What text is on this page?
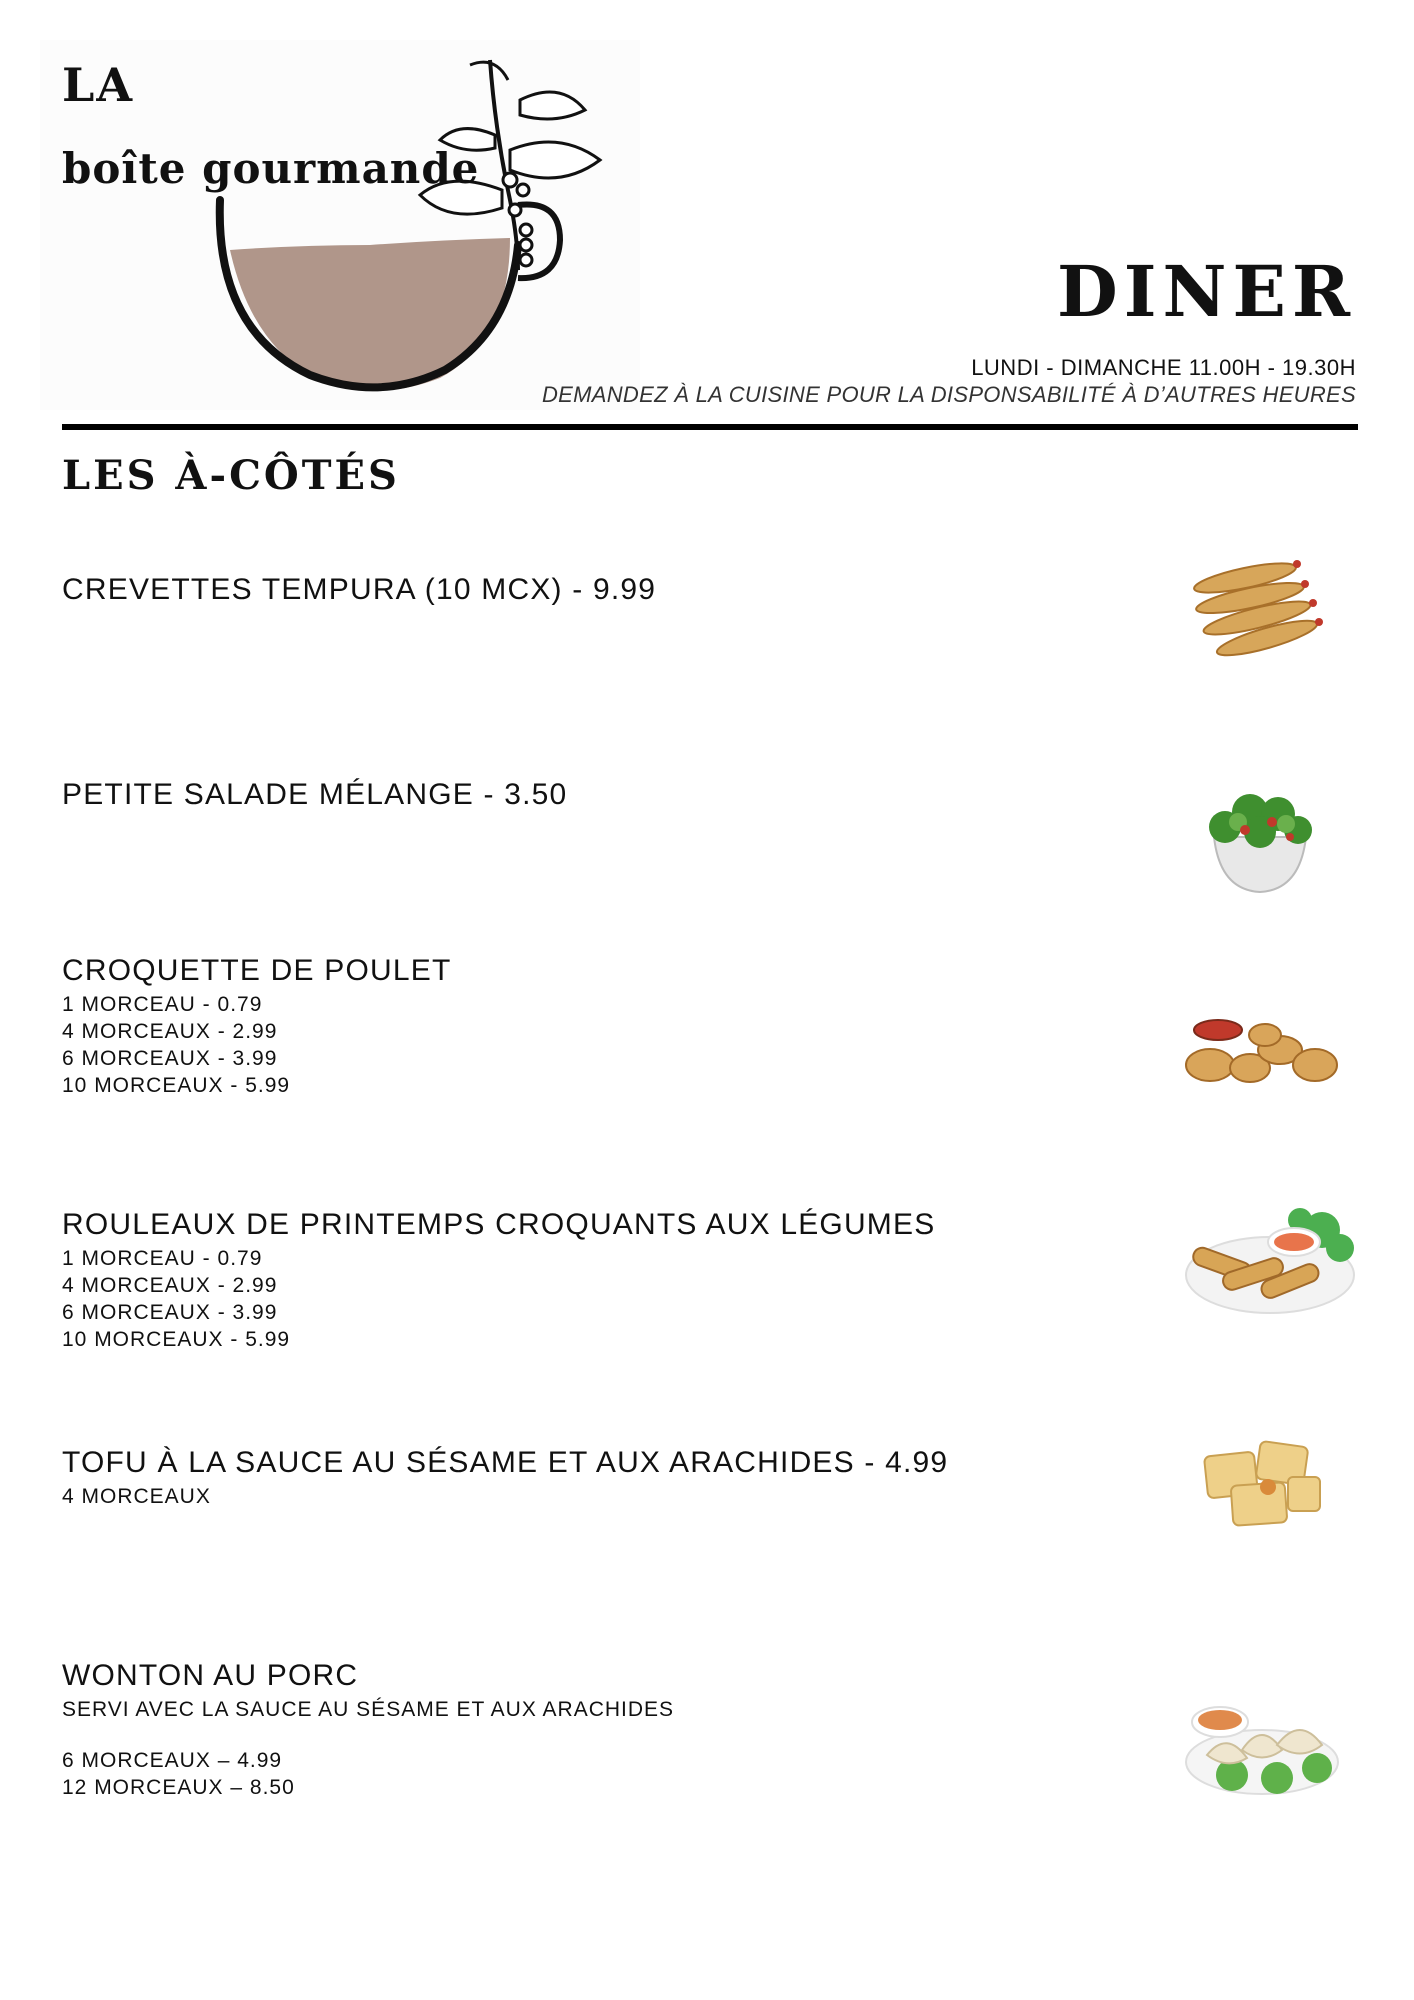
LA
boîte gourmande
DINER
LUNDI - DIMANCHE 11.00H - 19.30H
DEMANDEZ À LA CUISINE POUR LA DISPONSABILITÉ À D’AUTRES HEURES
LES À-CÔTÉS
CREVETTES TEMPURA (10 MCX) - 9.99
PETITE SALADE MÉLANGE - 3.50
CROQUETTE DE POULET
1 MORCEAU - 0.79
4 MORCEAUX - 2.99
6 MORCEAUX - 3.99
10 MORCEAUX - 5.99
ROULEAUX DE PRINTEMPS CROQUANTS AUX LÉGUMES
1 MORCEAU - 0.79
4 MORCEAUX - 2.99
6 MORCEAUX - 3.99
10 MORCEAUX - 5.99
TOFU À LA SAUCE AU SÉSAME ET AUX ARACHIDES - 4.99
4 MORCEAUX
WONTON AU PORC
SERVI AVEC LA SAUCE AU SÉSAME ET AUX ARACHIDES
6 MORCEAUX – 4.99
12 MORCEAUX – 8.50
